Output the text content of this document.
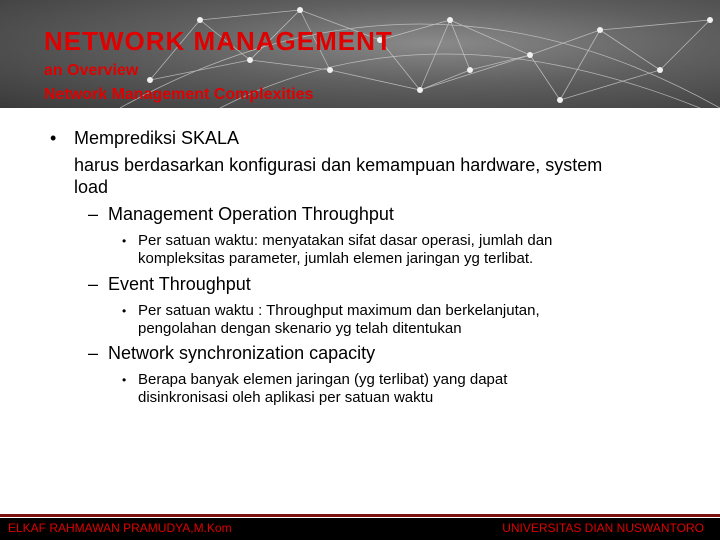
NETWORK MANAGEMENT
an Overview
Network Management Complexities
• Memprediksi SKALA
harus berdasarkan konfigurasi dan kemampuan hardware, system
load
– Management Operation Throughput
• Per satuan waktu: menyatakan sifat dasar operasi, jumlah dan
kompleksitas parameter, jumlah elemen jaringan yg terlibat.
– Event Throughput
• Per satuan waktu : Throughput maximum dan berkelanjutan,
pengolahan dengan skenario yg telah ditentukan
– Network synchronization capacity
• Berapa banyak elemen jaringan (yg terlibat) yang dapat
disinkronisasi oleh aplikasi per satuan waktu
ELKAF RAHMAWAN PRAMUDYA,M.Kom	UNIVERSITAS DIAN NUSWANTORO
